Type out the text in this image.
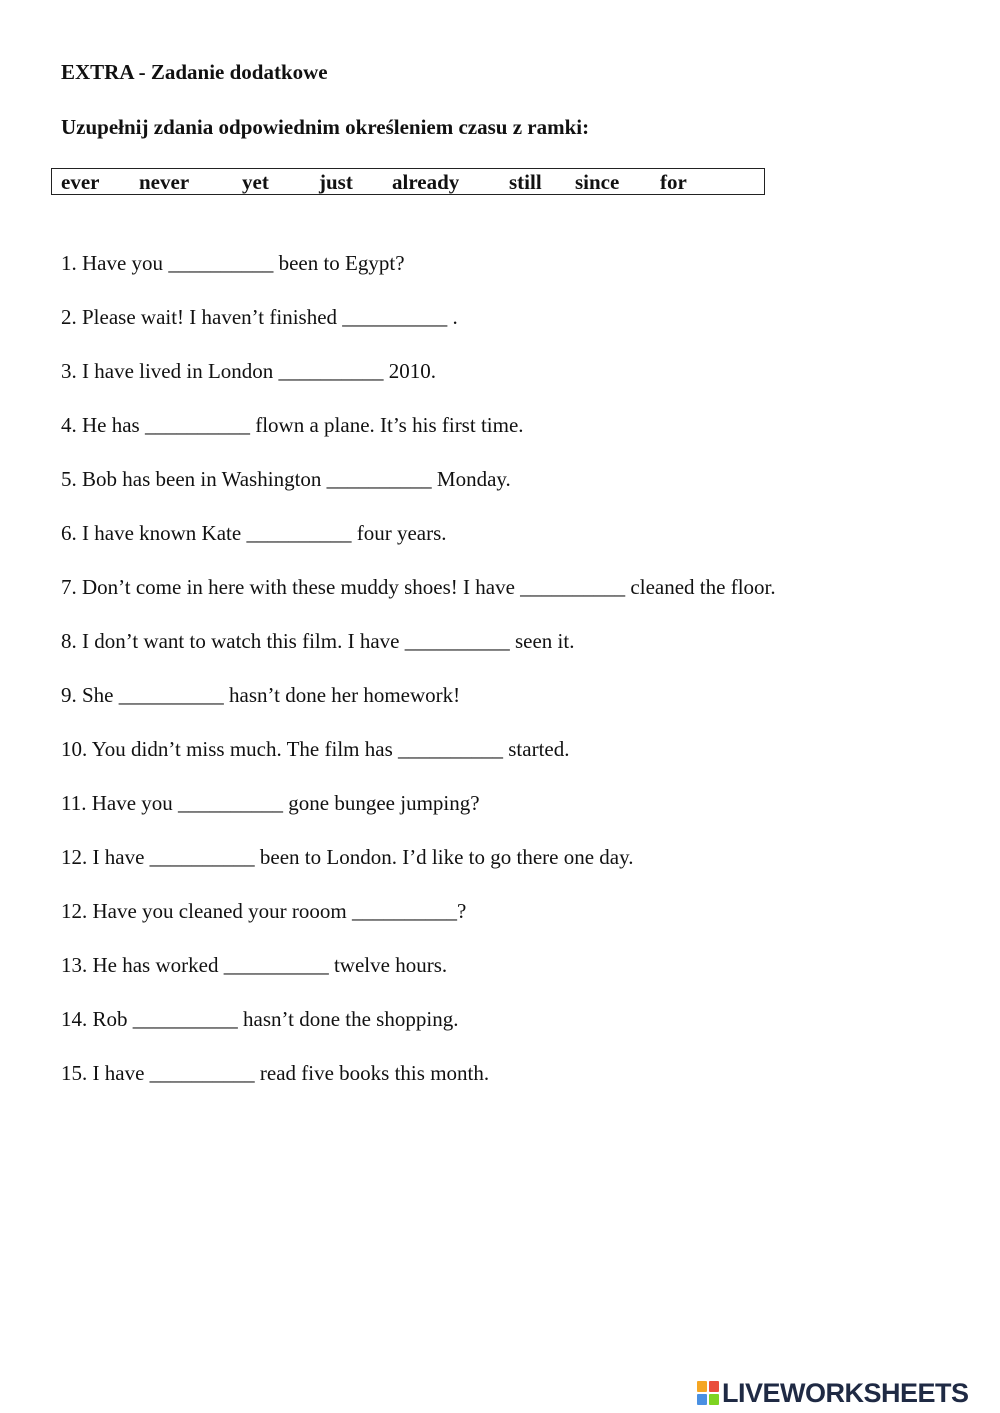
EXTRA - Zadanie dodatkowe
Uzupełnij zdania odpowiednim określeniem czasu z ramki:
ever never	yet just already still since for
1. Have you __________ been to Egypt?
2. Please wait! I haven’t finished __________ .
3. I have lived in London __________ 2010.
4. He has __________ flown a plane. It’s his first time.
5. Bob has been in Washington __________ Monday.
6. I have known Kate __________ four years.
7. Don’t come in here with these muddy shoes! I have __________ cleaned the floor.
8. I don’t want to watch this film. I have __________ seen it.
9. She __________ hasn’t done her homework!
10. You didn’t miss much. The film has __________ started.
11. Have you __________ gone bungee jumping?
12. I have __________ been to London. I’d like to go there one day.
12. Have you cleaned your rooom __________?
13. He has worked __________ twelve hours.
14. Rob __________ hasn’t done the shopping.
15. I have __________ read five books this month.
LIVEWORKSHEETS
